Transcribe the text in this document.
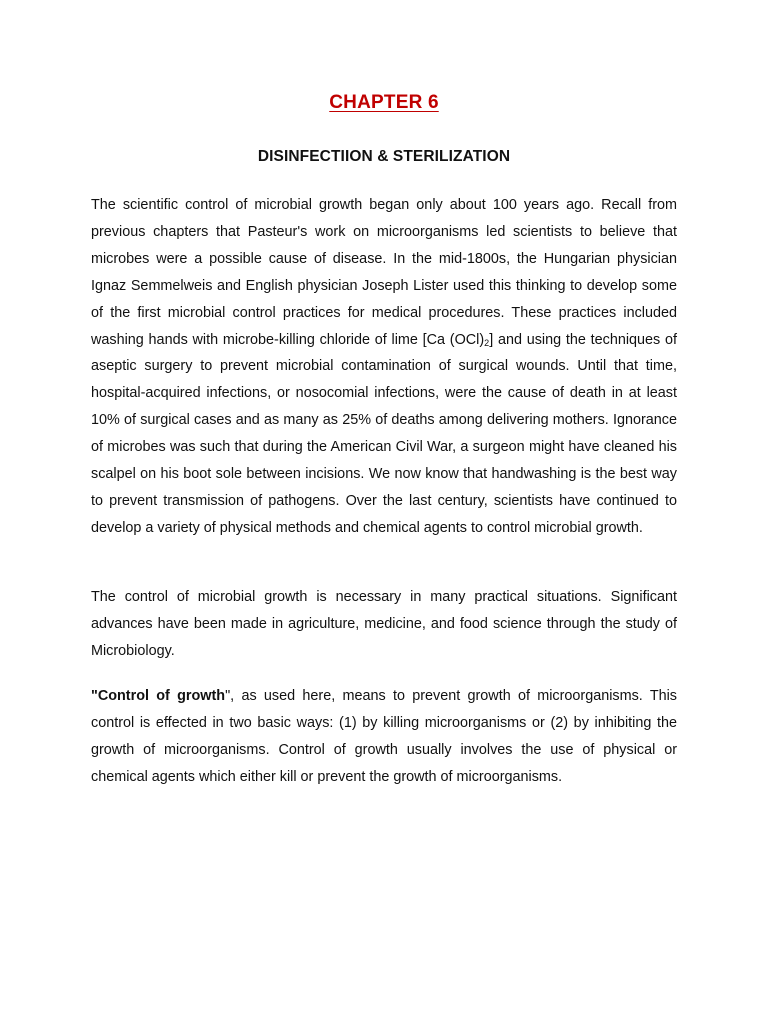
CHAPTER 6
DISINFECTIION & STERILIZATION

The scientific control of microbial growth began only about 100 years ago. Recall from previous chapters that Pasteur's work on microorganisms led scientists to believe that microbes were a possible cause of disease. In the mid-1800s, the Hungarian physician Ignaz Semmelweis and English physician Joseph Lister used this thinking to develop some of the first microbial control practices for medical procedures. These practices included washing hands with microbe-killing chloride of lime [Ca $(OCl)_2$] and using the techniques of aseptic surgery to prevent microbial contamination of surgical wounds. Until that time, hospital-acquired infections, or nosocomial infections, were the cause of death in at least 10% of surgical cases and as many as 25% of deaths among delivering mothers. Ignorance of microbes was such that during the American Civil War, a surgeon might have cleaned his scalpel on his boot sole between incisions. We now know that handwashing is the best way to prevent transmission of pathogens. Over the last century, scientists have continued to develop a variety of physical methods and chemical agents to control microbial growth.

The control of microbial growth is necessary in many practical situations. Significant advances have been made in agriculture, medicine, and food science through the study of Microbiology.

"Control of growth", as used here, means to prevent growth of microorganisms. This control is effected in two basic ways: (1) by killing microorganisms or (2) by inhibiting the growth of microorganisms. Control of growth usually involves the use of physical or chemical agents which either kill or prevent the growth of microorganisms.
